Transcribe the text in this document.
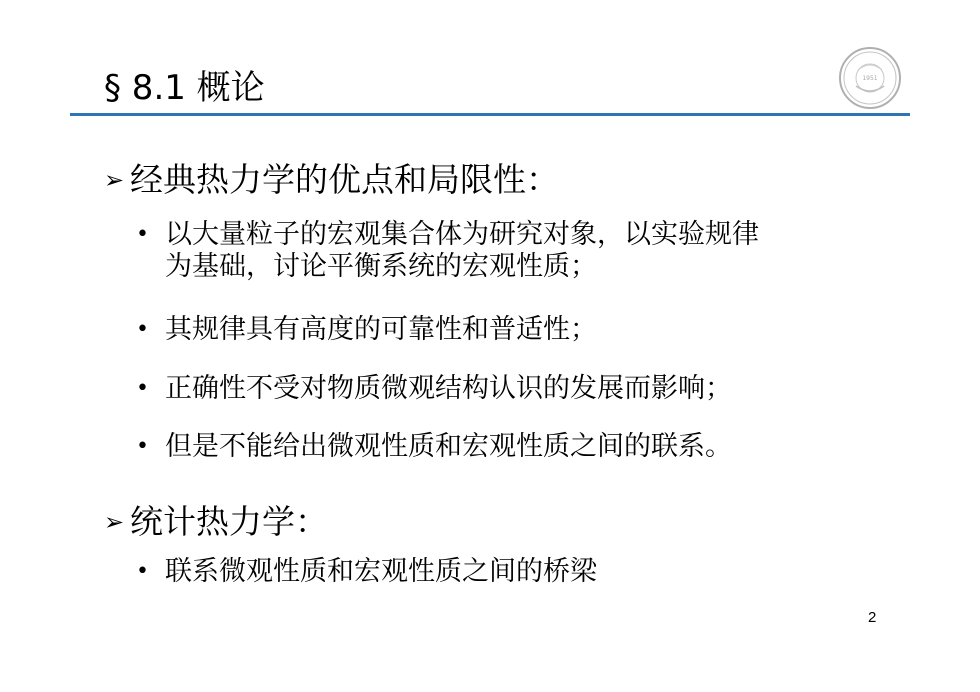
§ 8.1 概论	1951
➢ 经典热力学的优点和局限性：
• 以大量粒子的宏观集合体为研究对象，以实验规律
为基础，讨论平衡系统的宏观性质；
• 其规律具有高度的可靠性和普适性；
• 正确性不受对物质微观结构认识的发展而影响；
• 但是不能给出微观性质和宏观性质之间的联系。
➢ 统计热力学：
• 联系微观性质和宏观性质之间的桥梁
2
